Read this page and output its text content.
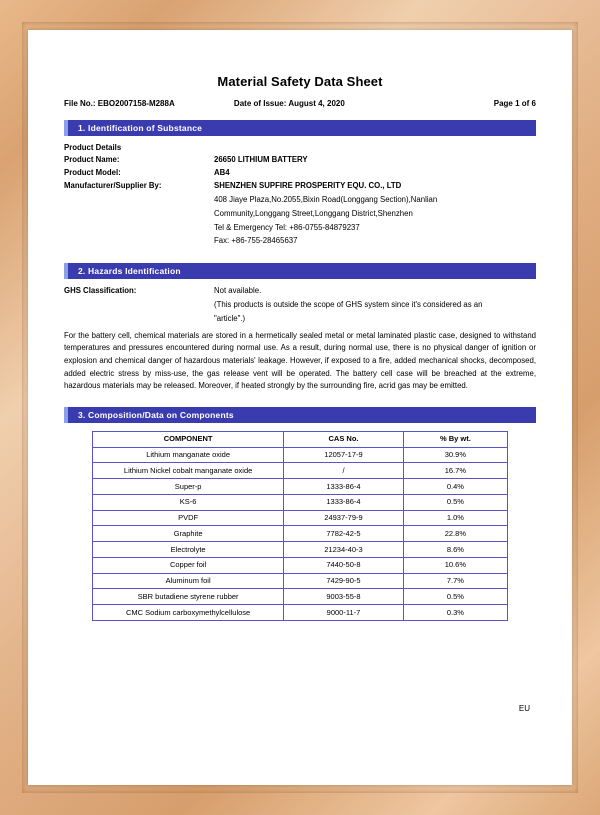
Material Safety Data Sheet
File No.: EBO2007158-M288A	Date of Issue: August 4, 2020	Page 1 of 6
1. Identification of Substance
Product Details
Product Name:	26650 LITHIUM BATTERY
Product Model:	AB4
Manufacturer/Supplier By:	SHENZHEN SUPFIRE PROSPERITY EQU. CO., LTD
408 Jiaye Plaza,No.2055,Bixin Road(Longgang Section),Nanlian
Community,Longgang Street,Longgang District,Shenzhen
Tel & Emergency Tel: +86-0755-84879237
Fax: +86-755-28465637
2. Hazards Identification
GHS Classification:	Not available.
(This products is outside the scope of GHS system since it's considered as an
"article".)
For the battery cell, chemical materials are stored in a hermetically sealed metal or metal laminated plastic case, designed to withstand temperatures and pressures encountered during normal use. As a result, during normal use, there is no physical danger of ignition or explosion and chemical danger of hazardous materials' leakage. However, if exposed to a fire, added mechanical shocks, decomposed, added electric stress by miss-use, the gas release vent will be operated. The battery cell case will be breached at the extreme, hazardous materials may be released. Moreover, if heated strongly by the surrounding fire, acrid gas may be emitted.
3. Composition/Data on Components
COMPONENT	CAS No.	% By wt.
Lithium manganate oxide	12057-17-9	30.9%
Lithium Nickel cobalt manganate oxide	/	16.7%
Super-p	1333-86-4	0.4%
KS-6	1333-86-4	0.5%
PVDF	24937-79-9	1.0%
Graphite	7782-42-5	22.8%
Electrolyte	21234-40-3	8.6%
Copper foil	7440-50-8	10.6%
Aluminum foil	7429-90-5	7.7%
SBR butadiene styrene rubber	9003-55-8	0.5%
CMC Sodium carboxymethylcellulose	9000-11-7	0.3%
EU
